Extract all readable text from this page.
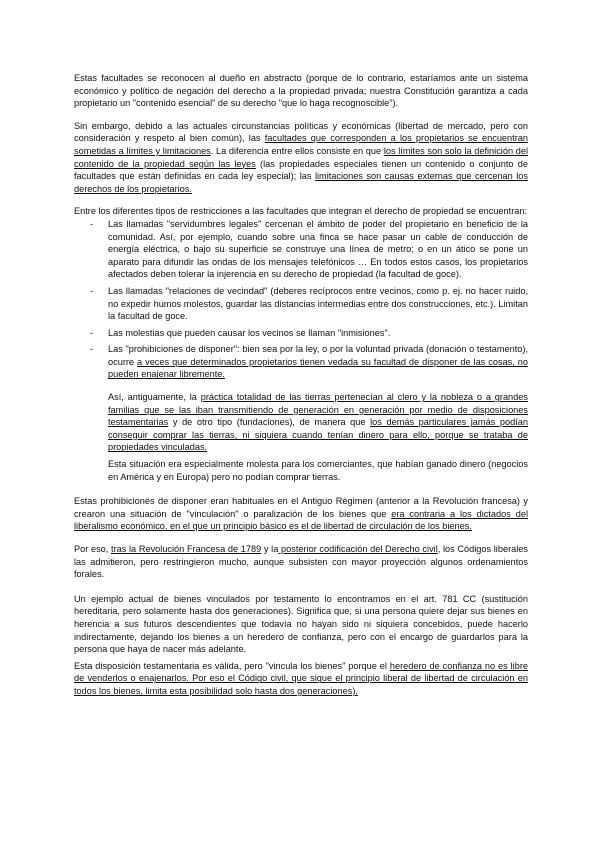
Estas facultades se reconocen al dueño en abstracto (porque de lo contrario, estaríamos ante un sistema económico y político de negación del derecho a la propiedad privada; nuestra Constitución garantiza a cada propietario un "contenido esencial" de su derecho "que lo haga recognoscible").

Sin embargo, debido a las actuales circunstancias políticas y económicas (libertad de mercado, pero con consideración y respeto al bien común), las facultades que corresponden a los propietarios se encuentran sometidas a límites y limitaciones. La diferencia entre ellos consiste en que los límites son solo la definición del contenido de la propiedad según las leyes (las propiedades especiales tienen un contenido o conjunto de facultades que están definidas en cada ley especial); las limitaciones son causas externas que cercenan los derechos de los propietarios.

Entre los diferentes tipos de restricciones a las facultades que integran el derecho de propiedad se encuentran:

- Las llamadas "servidumbres legales" cercenan el ámbito de poder del propietario en beneficio de la comunidad. Así, por ejemplo, cuando sobre una finca se hace pasar un cable de conducción de energía eléctrica, o bajo su superficie se construye una línea de metro; o en un ático se pone un aparato para difundir las ondas de los mensajes telefónicos … En todos estos casos, los propietarios afectados deben tolerar la injerencia en su derecho de propiedad (la facultad de goce).
- Las llamadas "relaciones de vecindad" (deberes recíprocos entre vecinos, como p. ej. no hacer ruido, no expedir humos molestos, guardar las distancias intermedias entre dos construcciones, etc.). Limitan la facultad de goce.
- Las molestias que pueden causar los vecinos se llaman "inmisiones".
- Las "prohibiciones de disponer": bien sea por la ley, o por la voluntad privada (donación o testamento), ocurre a veces que determinados propietarios tienen vedada su facultad de disponer de las cosas, no pueden enajenar libremente.
Así, antiguamente, la práctica totalidad de las tierras pertenecían al clero y la nobleza o a grandes familias que se las iban transmitiendo de generación en generación por medio de disposiciones testamentarias y de otro tipo (fundaciones), de manera que los demás particulares jamás podían conseguir comprar las tierras, ni siquiera cuando tenían dinero para ello, porque se trataba de propiedades vinculadas.
Esta situación era especialmente molesta para los comerciantes, que habían ganado dinero (negocios en América y en Europa) pero no podían comprar tierras.

Estas prohibiciones de disponer eran habituales en el Antiguo Régimen (anterior a la Revolución francesa) y crearon una situación de "vinculación" o paralización de los bienes que era contraria a los dictados del liberalismo económico, en el que un principio básico es el de libertad de circulación de los bienes.

Por eso, tras la Revolución Francesa de 1789 y la posterior codificación del Derecho civil, los Códigos liberales las admitieron, pero restringieron mucho, aunque subsisten con mayor proyección algunos ordenamientos forales.

Un ejemplo actual de bienes vinculados por testamento lo encontramos en el art. 781 CC (sustitución hereditaria, pero solamente hasta dos generaciones). Significa que, si una persona quiere dejar sus bienes en herencia a sus futuros descendientes que todavía no hayan sido ni siquiera concebidos, puede hacerlo indirectamente, dejando los bienes a un heredero de confianza, pero con el encargo de guardarlos para la persona que haya de nacer más adelante.

Esta disposición testamentaria es válida, pero "vincula los bienes" porque el heredero de confianza no es libre de venderlos o enajenarlos. Por eso el Código civil, que sigue el principio liberal de libertad de circulación en todos los bienes, limita esta posibilidad solo hasta dos generaciones).
